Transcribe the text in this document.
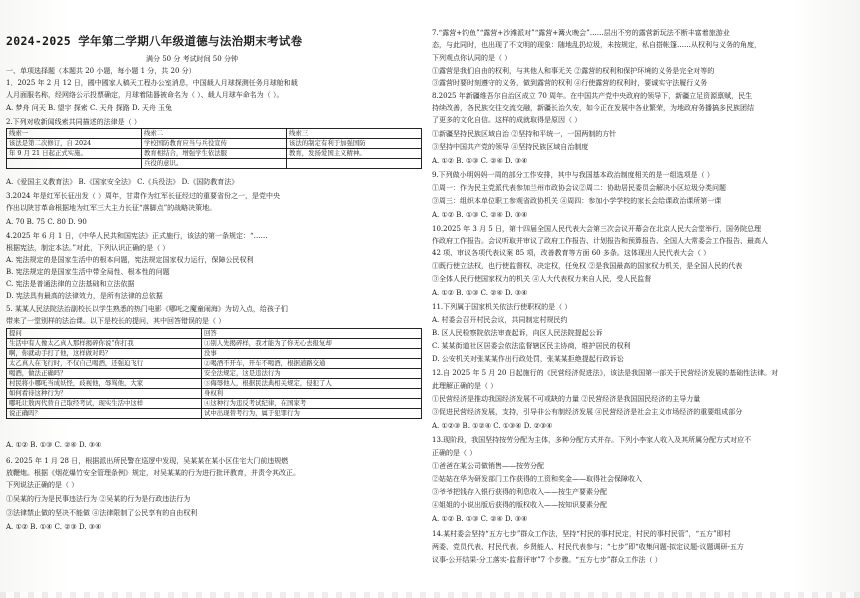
2024-2025 学年第二学期八年级道德与法治期末考试卷
满分 50 分 考试时间 50 分钟
一、单项选择题（本题共 20 小题，每小题 1 分，共 20 分）
1．2025 年 2 月 12 日，國中國家人稿天工程办公室消息，中国载人月球探测任务月球舱和载
人月面服名称，经网络公示投票确定，月球着陆器被命名为（ ）、载人月球车命名为（ ）。
A. 梦舟 问天 B. 望宇 探索 C. 天舟 探路 D. 天舟 玉兔
2.下列对收新闻线索共同描述的法律是（ ）
线索一	线索二	线索三
该法是第二次修订，自 2024	学校国防教育应当与兵役宣传	该法的制定有利于加强国防
年 9 月 21 日起正式实施。	教育相结合，增强学生依法服	教育，发扬爱国主义精神。
	兵役的意识。	
A.《爱国主义教育法》 B.《国家安全法》 C.《兵役法》 D.《国防教育法》
3.2024 年是红军长征出发（ ）周年，甘肃作为红军长征经过的重要省份之一，是党中央
作出以陕甘革命根据地为红军三大主力长征“落脚点”的战略决策地。
A. 70 B. 75 C. 80 D. 90
4.2025 年 6 月 1 日，《中华人民共和国宪法》正式施行，该法的第一条规定：“……
根据宪法，制定本法。”对此，下列认识正确的是（ ）
A. 宪法规定的是国家生活中的根本问题，宪法规定国家权力运行，保障公民权利
B. 宪法规定的是国家生活中带全局性、根本性的问题
C. 宪法是普通法律的立法基础和立法依据
D. 宪法具有最高的法律效力，是所有法律的总依据
5. 某某人民法院法治副校长以学生熟悉的热门电影《哪吒之魔童闹海》为切入点，给孩子们
带来了一堂别样的法治课。以下是校长的提问，其中回答错误的是（ ）
提问	回答
生活中有人像太乙真人那样揭碎你说“你打我	①别人先揭碎样，我才能为了你无心去报复却
啊，你就动手打了他，这样做对吗？	没事
太乙真人在飞行时，不仅自己喝酒，还强迫飞行	②喝酒不开车，开车不喝酒，根据道路交通
喝酒，做法正确吗？	安全法规定，这是违法行为
村民将小哪吒当成妖怪，歧视他，辱骂他，大家	③侮辱他人，根据民法典相关规定，侵犯了人
如何看待这种行为？	身权利
哪吒让敖丙代替自己取经考试，现实生活中这样	④这种行为违反考试纪律，在国家考
说正确吗？	试中出现替考行为，属于犯罪行为
A. ①② B. ①③ C. ②④ D. ③④
6. 2025 年 1 月 28 日，根据派出所民警在巡逻中发现，吴某某在某小区住宅大门前违规燃
放鞭炮。根据《烟花爆竹安全管理条例》规定，对吴某某的行为进行批评教育，并责令其改正。
下列说法正确的是（ ）
①吴某的行为是民事违法行为 ②吴某的行为是行政违法行为
③法律禁止做的坚决不能做 ④法律限制了公民享有的自由权利
A. ①② B. ①④ C. ②③ D. ③④
7.“露营+钓鱼”“露营+沙滩派对”“露营+篝火晚会”……层出不穷的露营新玩法不断丰富着旅游业
态，与此同时，也出现了不文明的现象：随地乱扔垃圾，未按规定，私自搭帐篷……从权利与义务的角度，
下列观点你认同的是（ ）
①露营是我们自由的权利，与其他人和事无关 ②露营的权利和保护环境的义务是完全对等的
③露营时要时刻遵守的义务，做到露营的权利 ④行使露营的权利时，要诚实守法履行义务
8.2025 年新疆维吾尔自治区成立 70 周年。在中国共产党中央政府的领导下，新疆立足资源禀赋，民生
持续改善，各民族交往交流交融，新疆长治久安，如今正在发展中各业繁荣，为地政府务播搞多民族团结
了更多的文化自信。这样的成就取得是原因（ ）
①新疆坚持民族区域自治 ②坚持和平统一，一国两制的方针
③坚持中国共产党的领导 ④坚持民族区域自治制度
A. ①② B. ①③ C. ②④ D. ③④
9.下列做小明妈妈一周的部分工作安排，其中与我国基本政治制度相关的是一组选项是（ ）
①周一：作为民主党派代表参加兰州市政协会议②周二：协助居民委员会解决小区垃圾分类问题
③周三：组织本单位职工参观省政协机关 ④周四：参加小学学校的家长会给课政治课所第一课
A. ①② B. ①③ C. ②④ D. ③④
10.2025 年 3 月 5 日，第十四届全国人民代表大会第三次会议开幕会在北京人民大会堂举行，国务院总理
作政府工作报告。会议听取并审议了政府工作报告、计划报告和预算报告、全国人大常委会工作报告、最高人
42 项、审议各项代表议案 85 项，改善教育等方面 60 多条。这体现出人民代表大会（ ）
①既行使立法权，也行使监督权、决定权，任免权 ②是我国最高的国家权力机关，是全国人民的代表
③全体人民行使国家权力的机关 ④人大代表权力来自人民，受人民监督
A. ①② B. ①③ C. ②④ D. ③④
11.下列属于国家机关依法行使职权的是（ ）
A. 村委会召开村民会议，共同制定村规民约
B. 区人民检察院依法审查起诉，向区人民法院提起公诉
C. 某某街道社区居委会依法监督辖区民主协商，维护居民的权利
D. 公安机关对张某某作出行政处罚，张某某拒绝提起行政诉讼
12.自 2025 年 5 月 20 日起施行的《民营经济促进法》，该法是我国第一部关于民营经济发展的基础性法律。对
此理解正确的是（ ）
①民营经济是推动我国经济发展不可或缺的力量 ②民营经济是我国国民经济的主导力量
③促进民营经济发展，支持，引导非公有制经济发展 ④民营经济是社会主义市场经济的重要组成部分
A. ①②③ B. ①②④ C. ①③④ D. ②③④
13.现阶段，我国坚持按劳分配为主体，多种分配方式并存。下列小李家人收入及其所属分配方式对应不
正确的是（ ）
①爸爸在某公司做销售——按劳分配
②姑姑在华为研发部门工作获得的工资和奖金——取得社会保障收入
③爷爷把钱存入银行获得的利息收入——按生产要素分配
④姐姐的小说出版后获得的版权收入——按知识要素分配
A. ①② B. ①③ C. ②④ D. ③④
14.某村委会坚持“五方七步”群众工作法，坚持“村民的事村民定，村民的事村民管”，“五方”即村
两委、党员代表、村民代表、乡贤能人、村民代表参与；“七步”即“收集问题-拟定议题-议题调研-五方
议事-公开结果-分工落实-监督评审”7 个步骤。“五方七步”群众工作法（ ）
